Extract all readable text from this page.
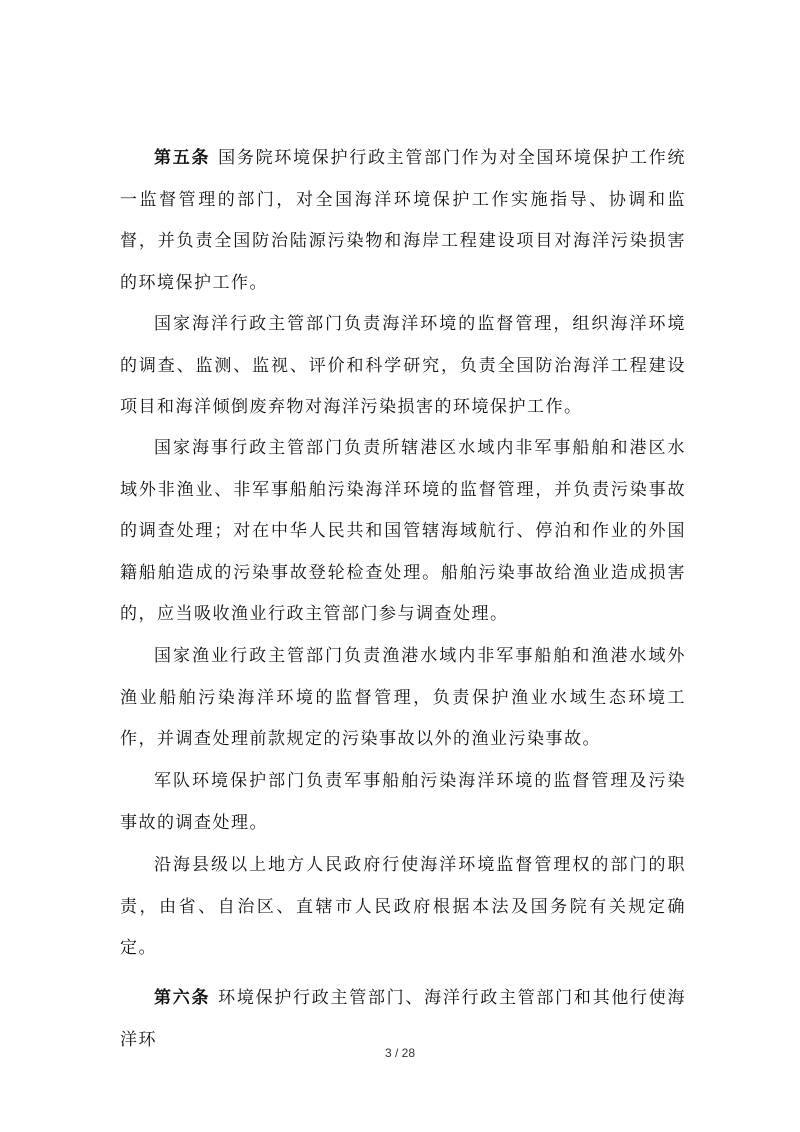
第五条 国务院环境保护行政主管部门作为对全国环境保护工作统一监督管理的部门，对全国海洋环境保护工作实施指导、协调和监督，并负责全国防治陆源污染物和海岸工程建设项目对海洋污染损害的环境保护工作。

国家海洋行政主管部门负责海洋环境的监督管理，组织海洋环境的调查、监测、监视、评价和科学研究，负责全国防治海洋工程建设项目和海洋倾倒废弃物对海洋污染损害的环境保护工作。

国家海事行政主管部门负责所辖港区水域内非军事船舶和港区水域外非渔业、非军事船舶污染海洋环境的监督管理，并负责污染事故的调查处理；对在中华人民共和国管辖海域航行、停泊和作业的外国籍船舶造成的污染事故登轮检查处理。船舶污染事故给渔业造成损害的，应当吸收渔业行政主管部门参与调查处理。

国家渔业行政主管部门负责渔港水域内非军事船舶和渔港水域外渔业船舶污染海洋环境的监督管理，负责保护渔业水域生态环境工作，并调查处理前款规定的污染事故以外的渔业污染事故。

军队环境保护部门负责军事船舶污染海洋环境的监督管理及污染事故的调查处理。

沿海县级以上地方人民政府行使海洋环境监督管理权的部门的职责，由省、自治区、直辖市人民政府根据本法及国务院有关规定确定。

第六条 环境保护行政主管部门、海洋行政主管部门和其他行使海洋环

3 / 28
